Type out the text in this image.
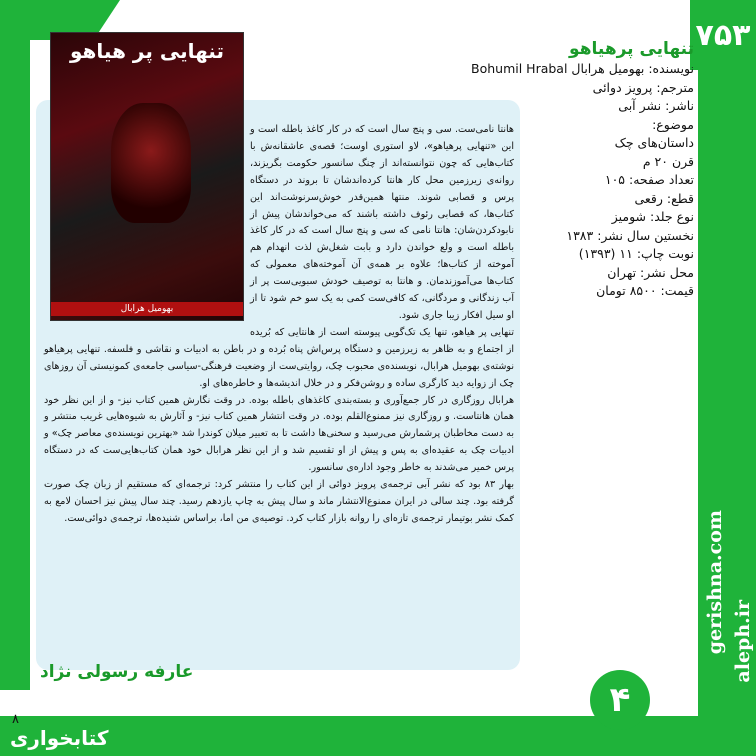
۷۵۳
کتابخواری
۸
gerishna.com aleph.ir
تنهایی پر هیاهو
بهومیل هرابال

هانتا نامی‌ست. سی و پنج سال است که در کار کاغذ باطله است و این «تنهایی پرهیاهو»، لاو استوری اوست؛ قصه‌ی عاشقانه‌ش با کتاب‌هایی که چون نتوانسته‌اند از چنگ سانسور حکومت بگریزند، روانه‌ی زیرزمین محل کار هانتا کرده‌اندشان تا بروند در دستگاه پرس و قصابی شوند. منتها همین‌قدر خوش‌سرنوشت‌اند این کتاب‌ها، که قصابی رئوف داشته باشند که می‌خواندشان پیش از نابودکردن‌شان: هانتا نامی که سی و پنج سال است که در کار کاغذ باطله است و ولع خواندن دارد و بابت شغل‌ش لذت انهدام هم آموخته از کتاب‌ها؛ علاوه بر همه‌ی آن آموخته‌های معمولی که کتاب‌ها می‌آموزندمان. و هانتا به توصیف خودش سبویی‌ست پر از آب زندگانی و مردگانی، که کافی‌ست کمی به یک سو خم شود تا از او سیل افکار زیبا جاری شود.

تنهایی پر هیاهو، تنها یک تک‌گویی پیوسته است از هانتایی که بُریده از اجتماع و به ظاهر به زیرزمین و دستگاه پرس‌اش پناه بُرده و در باطن به ادبیات و نقاشی و فلسفه. تنهایی پرهیاهو نوشته‌ی بهومیل هرابال، نویسنده‌ی محبوب چک، روایتی‌ست از وضعیت فرهنگی-سیاسی جامعه‌ی کمونیستی آن روزهای چک از زوایه دید کارگری ساده و روشن‌فکر و در خلال اندیشه‌ها و خاطره‌های او.

هرابال روزگاری در کار جمع‌آوری و بسته‌بندی کاغذهای باطله بوده. در وقت نگارش همین کتاب نیز- و از این نظر خود همان هانتاست. و روزگاری نیز ممنوع‌القلم بوده. در وقت انتشار همین کتاب نیز- و آثارش به شیوه‌هایی غریب منتشر و به دست مخاطبان پرشمارش می‌رسید و سخنی‌ها داشت تا به تعبیر میلان کوندرا شد «بهترین نویسنده‌ی معاصر چک» و ادبیات چک به عقیده‌ای به پس و پیش از او تقسیم شد و از این نظر هرابال خود همان کتاب‌هایی‌ست که در دستگاه پرس خمیر می‌شدند به خاطر وجود اداره‌ی سانسور.

بهار ۸۳ بود که نشر آبی ترجمه‌ی پرویز دوائی از این کتاب را منتشر کرد: ترجمه‌ای که مستقیم از زبان چک صورت گرفته بود. چند سالی در ایران ممنوع‌الانتشار ماند و سال پیش به چاپ یازدهم رسید. چند سال پیش نیز احسان لامع به کمک نشر بوتیمار ترجمه‌ی تازه‌ای را روانه بازار کتاب کرد. توصیه‌ی من اما، براساس شنیده‌ها، ترجمه‌ی دوائی‌ست.

عارفه رسولی نژاد
تنهایی پرهیاهو
نویسنده: بهومیل هرابال Bohumil Hrabal
مترجم: پرویز دوائی
ناشر: نشر آبی
موضوع:
داستان‌های چک
قرن ۲۰ م
تعداد صفحه: ۱۰۵
قطع: رقعی
نوع جلد: شومیز
نخستین سال نشر: ۱۳۸۳
نوبت چاپ: ۱۱ (۱۳۹۳)
محل نشر: تهران
قیمت: ۸۵۰۰ تومان
۴
